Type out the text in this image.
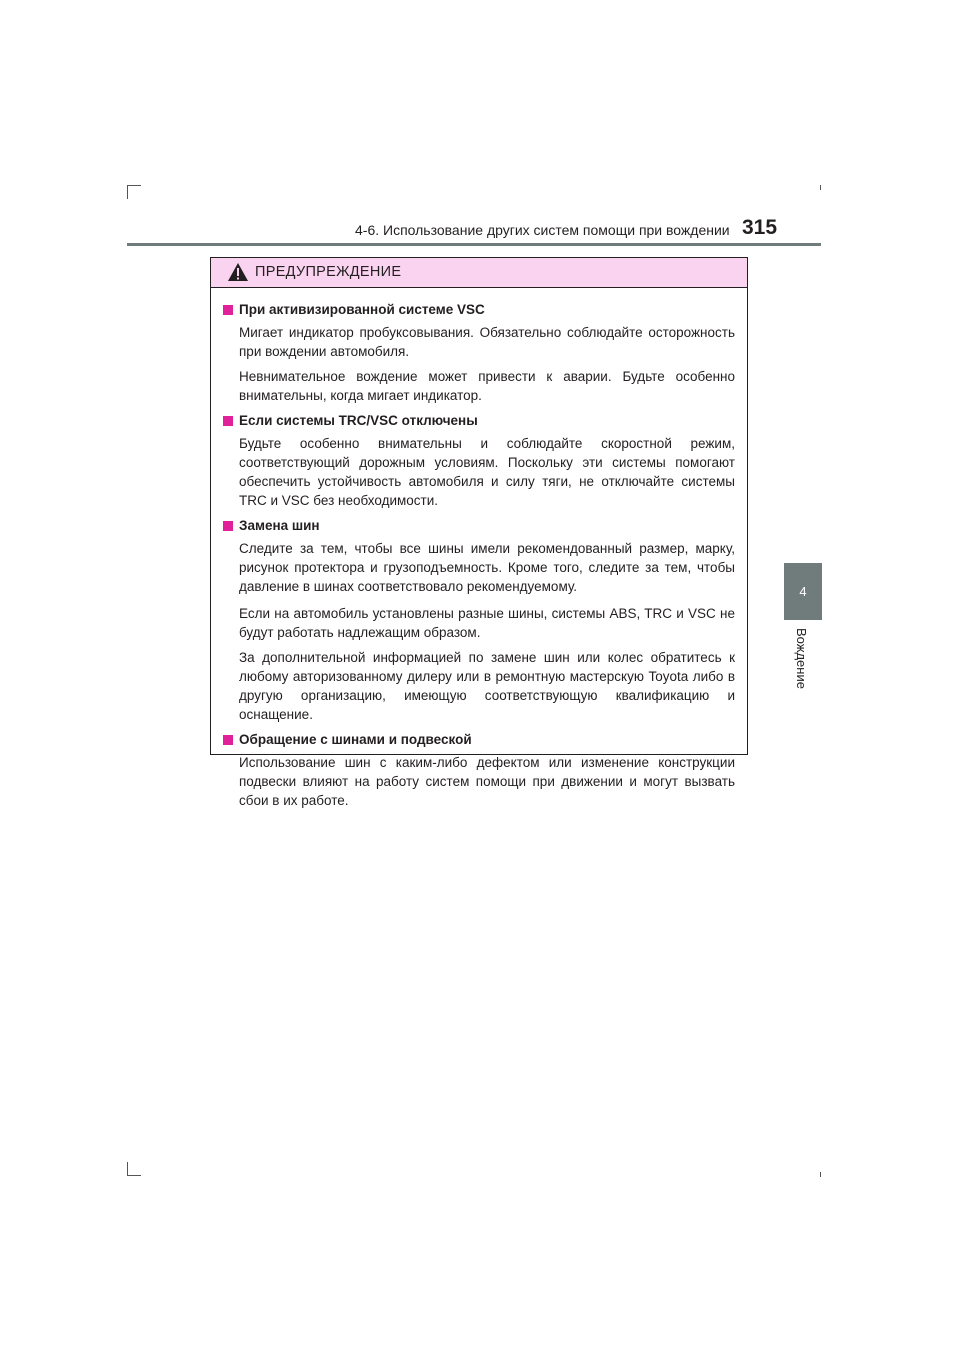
4-6. Использование других систем помощи при вождении 315
4
Вождение
ПРЕДУПРЕЖДЕНИЕ
При активизированной системе VSC

Мигает индикатор пробуксовывания. Обязательно соблюдайте осторожность при вождении автомобиля.

Невнимательное вождение может привести к аварии. Будьте особенно внимательны, когда мигает индикатор.

Если системы TRC/VSC отключены

Будьте особенно внимательны и соблюдайте скоростной режим, соответствующий дорожным условиям. Поскольку эти системы помогают обеспечить устойчивость автомобиля и силу тяги, не отключайте системы TRC и VSC без необходимости.

Замена шин

Следите за тем, чтобы все шины имели рекомендованный размер, марку, рисунок протектора и грузоподъемность. Кроме того, следите за тем, чтобы давление в шинах соответствовало рекомендуемому.

Если на автомобиль установлены разные шины, системы ABS, TRC и VSC не будут работать надлежащим образом.

За дополнительной информацией по замене шин или колес обратитесь к любому авторизованному дилеру или в ремонтную мастерскую Toyota либо в другую организацию, имеющую соответствующую квалификацию и оснащение.

Обращение с шинами и подвеской

Использование шин с каким-либо дефектом или изменение конструкции подвески влияют на работу систем помощи при движении и могут вызвать сбои в их работе.
